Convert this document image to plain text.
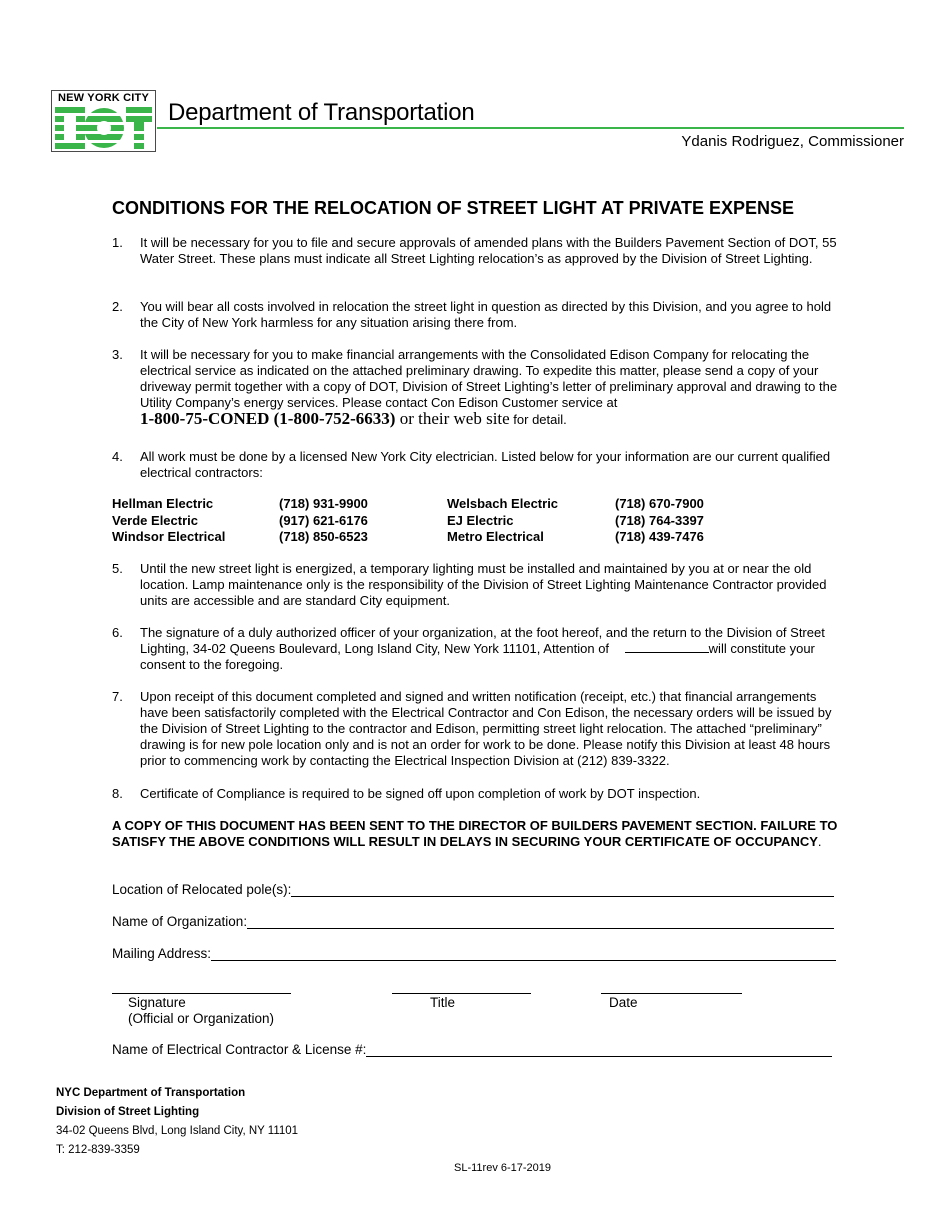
NEW YORK CITY
Department of Transportation
Ydanis Rodriguez, Commissioner
CONDITIONS FOR THE RELOCATION OF STREET LIGHT AT PRIVATE EXPENSE
1.	It will be necessary for you to file and secure approvals of amended plans with the Builders Pavement Section of DOT, 55 Water Street. These plans must indicate all Street Lighting relocation’s as approved by the Division of Street Lighting.
2.	You will bear all costs involved in relocation the street light in question as directed by this Division, and you agree to hold the City of New York harmless for any situation arising there from.
3.	It will be necessary for you to make financial arrangements with the Consolidated Edison Company for relocating the electrical service as indicated on the attached preliminary drawing. To expedite this matter, please send a copy of your driveway permit together with a copy of DOT, Division of Street Lighting’s letter of preliminary approval and drawing to the Utility Company’s energy services. Please contact Con Edison Customer service at
1-800-75-CONED (1-800-752-6633) or their web site for detail.
4.	All work must be done by a licensed New York City electrician. Listed below for your information are our current qualified electrical contractors:
Hellman Electric	(718) 931-9900	Welsbach Electric	(718) 670-7900
Verde Electric	(917) 621-6176	EJ Electric	(718) 764-3397
Windsor Electrical	(718) 850-6523	Metro Electrical	(718) 439-7476
5.	Until the new street light is energized, a temporary lighting must be installed and maintained by you at or near the old location. Lamp maintenance only is the responsibility of the Division of Street Lighting Maintenance Contractor provided units are accessible and are standard City equipment.
6.	The signature of a duly authorized officer of your organization, at the foot hereof, and the return to the Division of Street Lighting, 34-02 Queens Boulevard, Long Island City, New York 11101, Attention of	will constitute your consent to the foregoing.
7.	Upon receipt of this document completed and signed and written notification (receipt, etc.) that financial arrangements have been satisfactorily completed with the Electrical Contractor and Con Edison, the necessary orders will be issued by the Division of Street Lighting to the contractor and Edison, permitting street light relocation. The attached “preliminary” drawing is for new pole location only and is not an order for work to be done. Please notify this Division at least 48 hours prior to commencing work by contacting the Electrical Inspection Division at (212) 839-3322.
8.	Certificate of Compliance is required to be signed off upon completion of work by DOT inspection.
A COPY OF THIS DOCUMENT HAS BEEN SENT TO THE DIRECTOR OF BUILDERS PAVEMENT SECTION. FAILURE TO SATISFY THE ABOVE CONDITIONS WILL RESULT IN DELAYS IN SECURING YOUR CERTIFICATE OF OCCUPANCY.
Location of Relocated pole(s):
Name of Organization:
Mailing Address:
Signature
(Official or Organization)
Title	Date
Name of Electrical Contractor & License #:
NYC Department of Transportation
Division of Street Lighting
34-02 Queens Blvd, Long Island City, NY 11101
T: 212-839-3359
SL-11rev 6-17-2019
